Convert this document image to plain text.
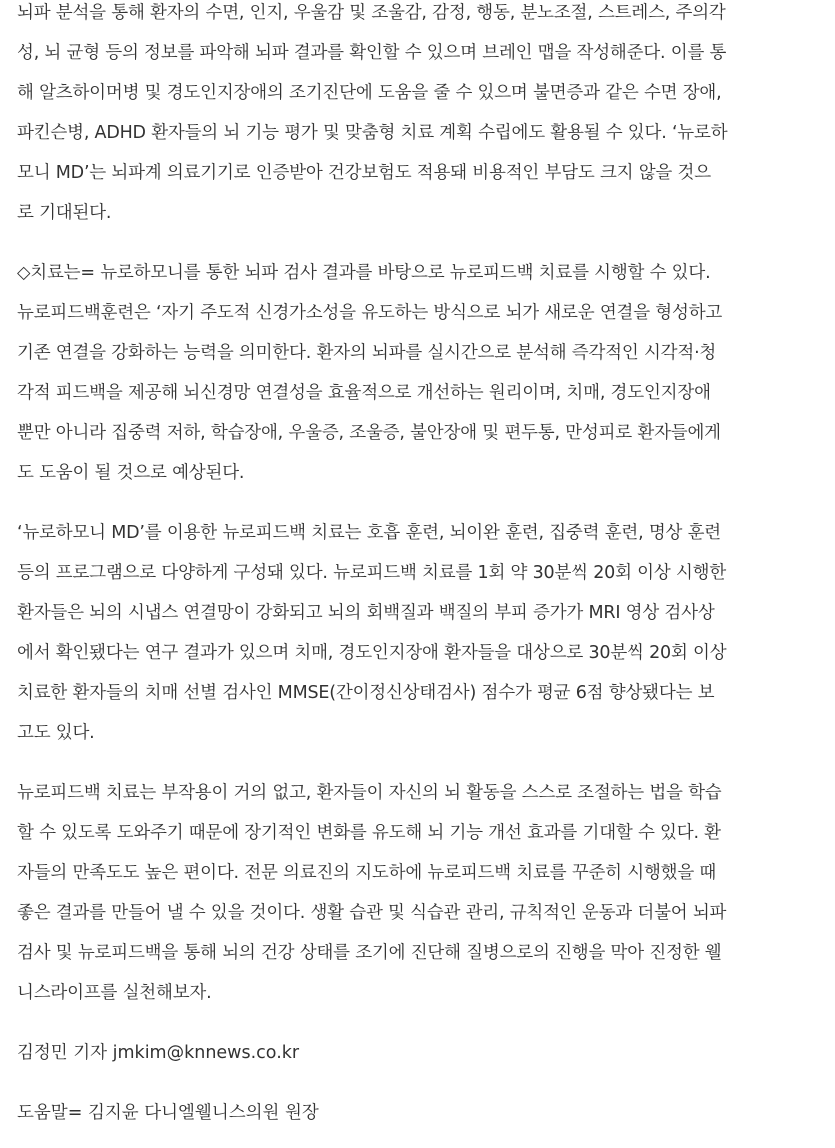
뇌파 분석을 통해 환자의 수면, 인지, 우울감 및 조울감, 감정, 행동, 분노조절, 스트레스, 주의각
성, 뇌 균형 등의 정보를 파악해 뇌파 결과를 확인할 수 있으며 브레인 맵을 작성해준다. 이를 통
해 알츠하이머병 및 경도인지장애의 조기진단에 도움을 줄 수 있으며 불면증과 같은 수면 장애,
파킨슨병, ADHD 환자들의 뇌 기능 평가 및 맞춤형 치료 계획 수립에도 활용될 수 있다. ‘뉴로하
모니 MD’는 뇌파계 의료기기로 인증받아 건강보험도 적용돼 비용적인 부담도 크지 않을 것으
로 기대된다.
◇치료는= 뉴로하모니를 통한 뇌파 검사 결과를 바탕으로 뉴로피드백 치료를 시행할 수 있다.
뉴로피드백훈련은 ‘자기 주도적 신경가소성을 유도하는 방식으로 뇌가 새로운 연결을 형성하고
기존 연결을 강화하는 능력을 의미한다. 환자의 뇌파를 실시간으로 분석해 즉각적인 시각적·청
각적 피드백을 제공해 뇌신경망 연결성을 효율적으로 개선하는 원리이며, 치매, 경도인지장애
뿐만 아니라 집중력 저하, 학습장애, 우울증, 조울증, 불안장애 및 편두통, 만성피로 환자들에게
도 도움이 될 것으로 예상된다.
‘뉴로하모니 MD’를 이용한 뉴로피드백 치료는 호흡 훈련, 뇌이완 훈련, 집중력 훈련, 명상 훈련
등의 프로그램으로 다양하게 구성돼 있다. 뉴로피드백 치료를 1회 약 30분씩 20회 이상 시행한
환자들은 뇌의 시냅스 연결망이 강화되고 뇌의 회백질과 백질의 부피 증가가 MRI 영상 검사상
에서 확인됐다는 연구 결과가 있으며 치매, 경도인지장애 환자들을 대상으로 30분씩 20회 이상
치료한 환자들의 치매 선별 검사인 MMSE(간이정신상태검사) 점수가 평균 6점 향상됐다는 보
고도 있다.
뉴로피드백 치료는 부작용이 거의 없고, 환자들이 자신의 뇌 활동을 스스로 조절하는 법을 학습
할 수 있도록 도와주기 때문에 장기적인 변화를 유도해 뇌 기능 개선 효과를 기대할 수 있다. 환
자들의 만족도도 높은 편이다. 전문 의료진의 지도하에 뉴로피드백 치료를 꾸준히 시행했을 때
좋은 결과를 만들어 낼 수 있을 것이다. 생활 습관 및 식습관 관리, 규칙적인 운동과 더불어 뇌파
검사 및 뉴로피드백을 통해 뇌의 건강 상태를 조기에 진단해 질병으로의 진행을 막아 진정한 웰
니스라이프를 실천해보자.
김정민 기자 jmkim@knnews.co.kr
도움말= 김지윤 다니엘웰니스의원 원장
